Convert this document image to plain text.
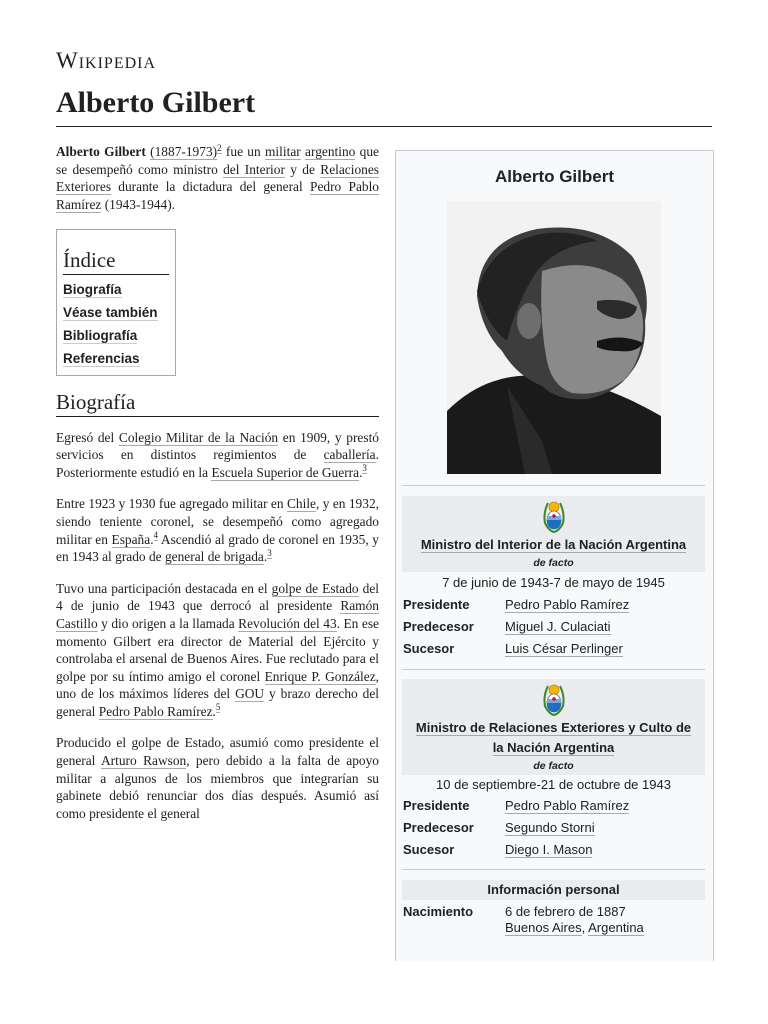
Wikipedia
Alberto Gilbert

Alberto Gilbert (1887-1973)$^2$ fue un militar argentino que se desempeñó como ministro del Interior y de Relaciones Exteriores durante la dictadura del general Pedro Pablo Ramírez (1943-1944).

Índice
Biografía
Véase también
Bibliografía
Referencias
Biografía

Egresó del Colegio Militar de la Nación en 1909, y prestó servicios en distintos regimientos de caballería. Posteriormente estudió en la Escuela Superior de Guerra.$^3$

Entre 1923 y 1930 fue agregado militar en Chile, y en 1932, siendo teniente coronel, se desempeñó como agregado militar en España.$^4$ Ascendió al grado de coronel en 1935, y en 1943 al grado de general de brigada.$^3$

Tuvo una participación destacada en el golpe de Estado del 4 de junio de 1943 que derrocó al presidente Ramón Castillo y dio origen a la llamada Revolución del 43. En ese momento Gilbert era director de Material del Ejército y controlaba el arsenal de Buenos Aires. Fue reclutado para el golpe por su íntimo amigo el coronel Enrique P. González, uno de los máximos líderes del GOU y brazo derecho del general Pedro Pablo Ramírez.$^5$

Producido el golpe de Estado, asumió como presidente el general Arturo Rawson, pero debido a la falta de apoyo militar a algunos de los miembros que integrarían su gabinete debió renunciar dos días después. Asumió así como presidente el general

Alberto Gilbert
Ministro del Interior de la Nación Argentina
de facto
7 de junio de 1943-7 de mayo de 1945
Presidente	Pedro Pablo Ramírez
Predecesor Miguel J. Culaciati
Sucesor	Luis César Perlinger
Ministro de Relaciones Exteriores y Culto de
la Nación Argentina
de facto
10 de septiembre-21 de octubre de 1943
Presidente	Pedro Pablo Ramírez
Predecesor Segundo Storni
Sucesor	Diego I. Mason
Información personal
Nacimiento 6 de febrero de 1887
Buenos Aires, Argentina
